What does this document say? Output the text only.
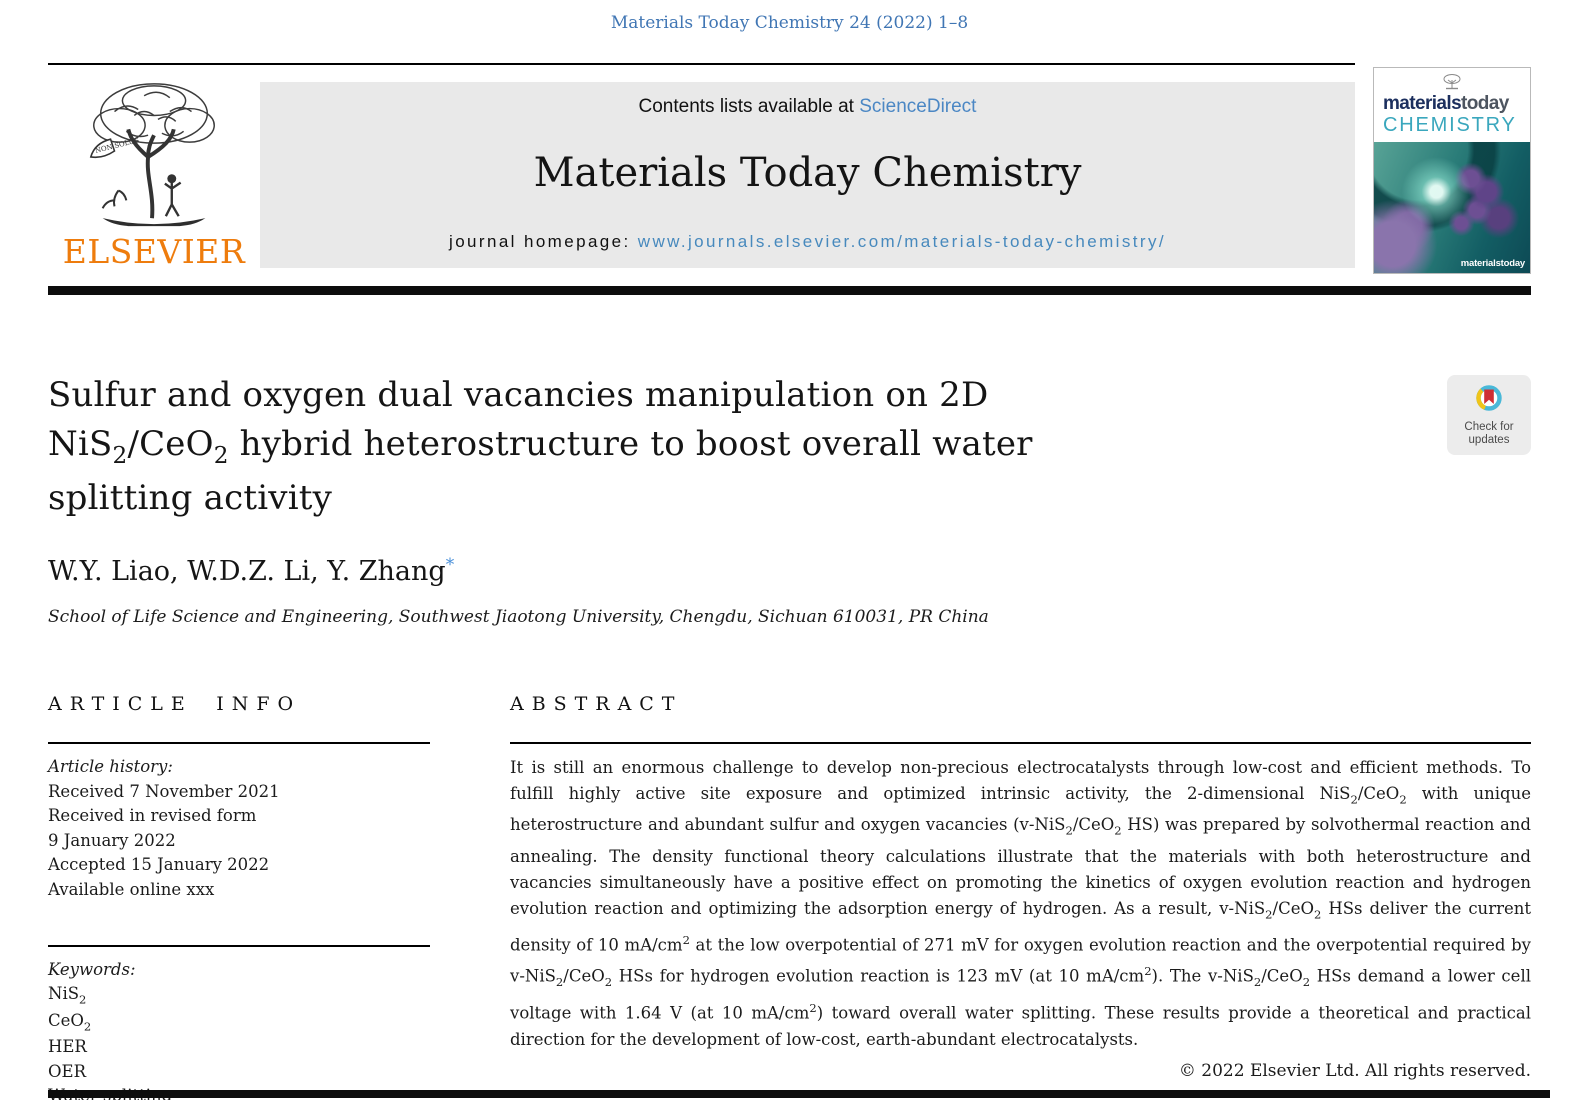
Materials Today Chemistry 24 (2022) 1–8
NON SOLUS
ELSEVIER
Contents lists available at ScienceDirect
Materials Today Chemistry
journal homepage: www.journals.elsevier.com/materials-today-chemistry/
materialstoday
CHEMISTRY
materialstoday
Sulfur and oxygen dual vacancies manipulation on 2D NiS$_2$/CeO$_2$ hybrid heterostructure to boost overall water splitting activity
Check for
updates
W.Y. Liao, W.D.Z. Li, Y. Zhang*
School of Life Science and Engineering, Southwest Jiaotong University, Chengdu, Sichuan 610031, PR China
ARTICLE INFO
Article history:
Received 7 November 2021
Received in revised form
9 January 2022
Accepted 15 January 2022
Available online xxx
Keywords:
NiS$_2$
CeO$_2$
HER
OER
ABSTRACT
It is still an enormous challenge to develop non-precious electrocatalysts through low-cost and efficient methods. To fulfill highly active site exposure and optimized intrinsic activity, the 2-dimensional NiS$_2$/CeO$_2$ with unique heterostructure and abundant sulfur and oxygen vacancies (v-NiS$_2$/CeO$_2$ HS) was prepared by solvothermal reaction and annealing. The density functional theory calculations illustrate that the materials with both heterostructure and vacancies simultaneously have a positive effect on promoting the kinetics of oxygen evolution reaction and hydrogen evolution reaction and optimizing the adsorption energy of hydrogen. As a result, v-NiS$_2$/CeO$_2$ HSs deliver the current density of 10 $mA/cm^2$ at the low overpotential of 271 mV for oxygen evolution reaction and the overpotential required by v-NiS$_2$/CeO$_2$ HSs for hydrogen evolution reaction is 123 mV (at 10 $mA/cm^2$). The v-NiS$_2$/CeO$_2$ HSs demand a lower cell voltage with 1.64 V (at 10 $mA/cm^2$) toward overall water splitting. These results provide a theoretical and practical direction for the development of low-cost, earth-abundant electrocatalysts.
© 2022 Elsevier Ltd. All rights reserved.
